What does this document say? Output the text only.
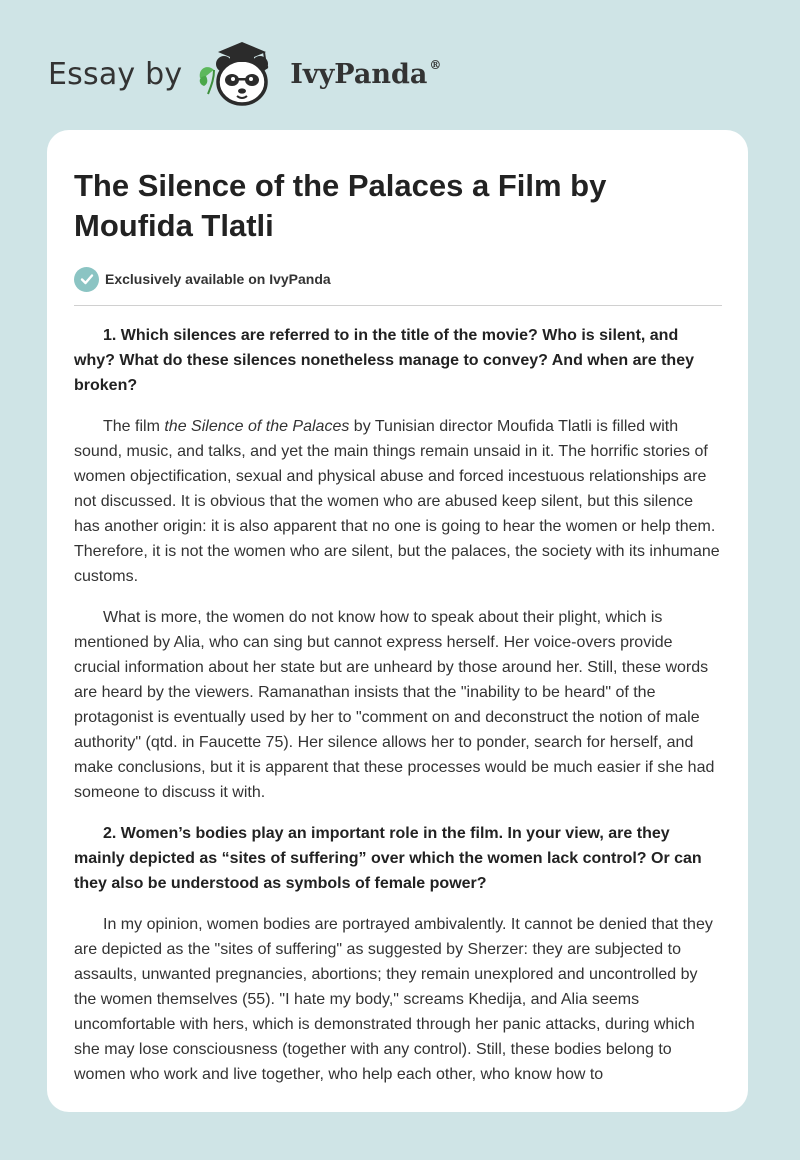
Essay by	IvyPanda ®
The Silence of the Palaces a Film by Moufida Tlatli
Exclusively available on IvyPanda

1. Which silences are referred to in the title of the movie? Who is silent, and why? What do these silences nonetheless manage to convey? And when are they broken?

The film the Silence of the Palaces by Tunisian director Moufida Tlatli is filled with sound, music, and talks, and yet the main things remain unsaid in it. The horrific stories of women objectification, sexual and physical abuse and forced incestuous relationships are not discussed. It is obvious that the women who are abused keep silent, but this silence has another origin: it is also apparent that no one is going to hear the women or help them. Therefore, it is not the women who are silent, but the palaces, the society with its inhumane customs.

What is more, the women do not know how to speak about their plight, which is mentioned by Alia, who can sing but cannot express herself. Her voice-overs provide crucial information about her state but are unheard by those around her. Still, these words are heard by the viewers. Ramanathan insists that the "inability to be heard" of the protagonist is eventually used by her to "comment on and deconstruct the notion of male authority" (qtd. in Faucette 75). Her silence allows her to ponder, search for herself, and make conclusions, but it is apparent that these processes would be much easier if she had someone to discuss it with.

2. Women’s bodies play an important role in the film. In your view, are they mainly depicted as “sites of suffering” over which the women lack control? Or can they also be understood as symbols of female power?

In my opinion, women bodies are portrayed ambivalently. It cannot be denied that they are depicted as the "sites of suffering" as suggested by Sherzer: they are subjected to assaults, unwanted pregnancies, abortions; they remain unexplored and uncontrolled by the women themselves (55). "I hate my body," screams Khedija, and Alia seems uncomfortable with hers, which is demonstrated through her panic attacks, during which she may lose consciousness (together with any control). Still, these bodies belong to women who work and live together, who help each other, who know how to
